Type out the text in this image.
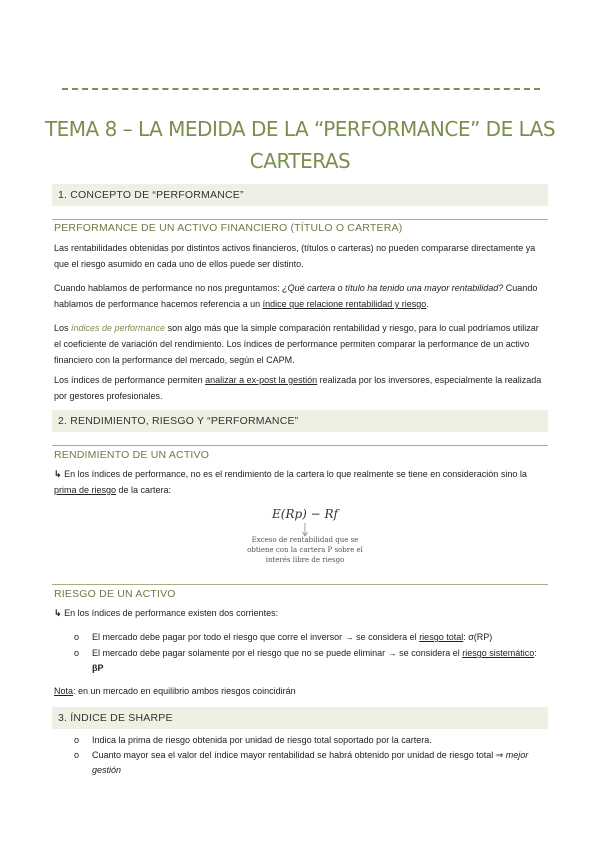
TEMA 8 – LA MEDIDA DE LA “PERFORMANCE” DE LAS
CARTERAS
1. CONCEPTO DE “PERFORMANCE”
PERFORMANCE DE UN ACTIVO FINANCIERO (TÍTULO O CARTERA)
Las rentabilidades obtenidas por distintos activos financieros, (títulos o carteras) no pueden compararse directamente ya que el riesgo asumido en cada uno de ellos puede ser distinto.
Cuando hablamos de performance no nos preguntamos: ¿Qué cartera o título ha tenido una mayor rentabilidad? Cuando hablamos de performance hacemos referencia a un índice que relacione rentabilidad y riesgo.
Los índices de performance son algo más que la simple comparación rentabilidad y riesgo, para lo cual podríamos utilizar el coeficiente de variación del rendimiento. Los índices de performance permiten comparar la performance de un activo financiero con la performance del mercado, según el CAPM.
Los índices de performance permiten analizar a ex-post la gestión realizada por los inversores, especialmente la realizada por gestores profesionales.
2. RENDIMIENTO, RIESGO Y “PERFORMANCE”
RENDIMIENTO DE UN ACTIVO
↳ En los índices de performance, no es el rendimiento de la cartera lo que realmente se tiene en consideración sino la prima de riesgo de la cartera:
E(Rp) − Rf
Exceso de rentabilidad que se obtiene con la cartera P sobre el interés libre de riesgo
RIESGO DE UN ACTIVO
↳ En los índices de performance existen dos corrientes:
o El mercado debe pagar por todo el riesgo que corre el inversor → se considera el riesgo total: σ(RP)
o El mercado debe pagar solamente por el riesgo que no se puede eliminar → se considera el riesgo sistemático:
βP
Nota: en un mercado en equilibrio ambos riesgos coincidirán
3. ÍNDICE DE SHARPE
o Indica la prima de riesgo obtenida por unidad de riesgo total soportado por la cartera.
o Cuanto mayor sea el valor del índice mayor rentabilidad se habrá obtenido por unidad de riesgo total ⇒ mejor gestión
